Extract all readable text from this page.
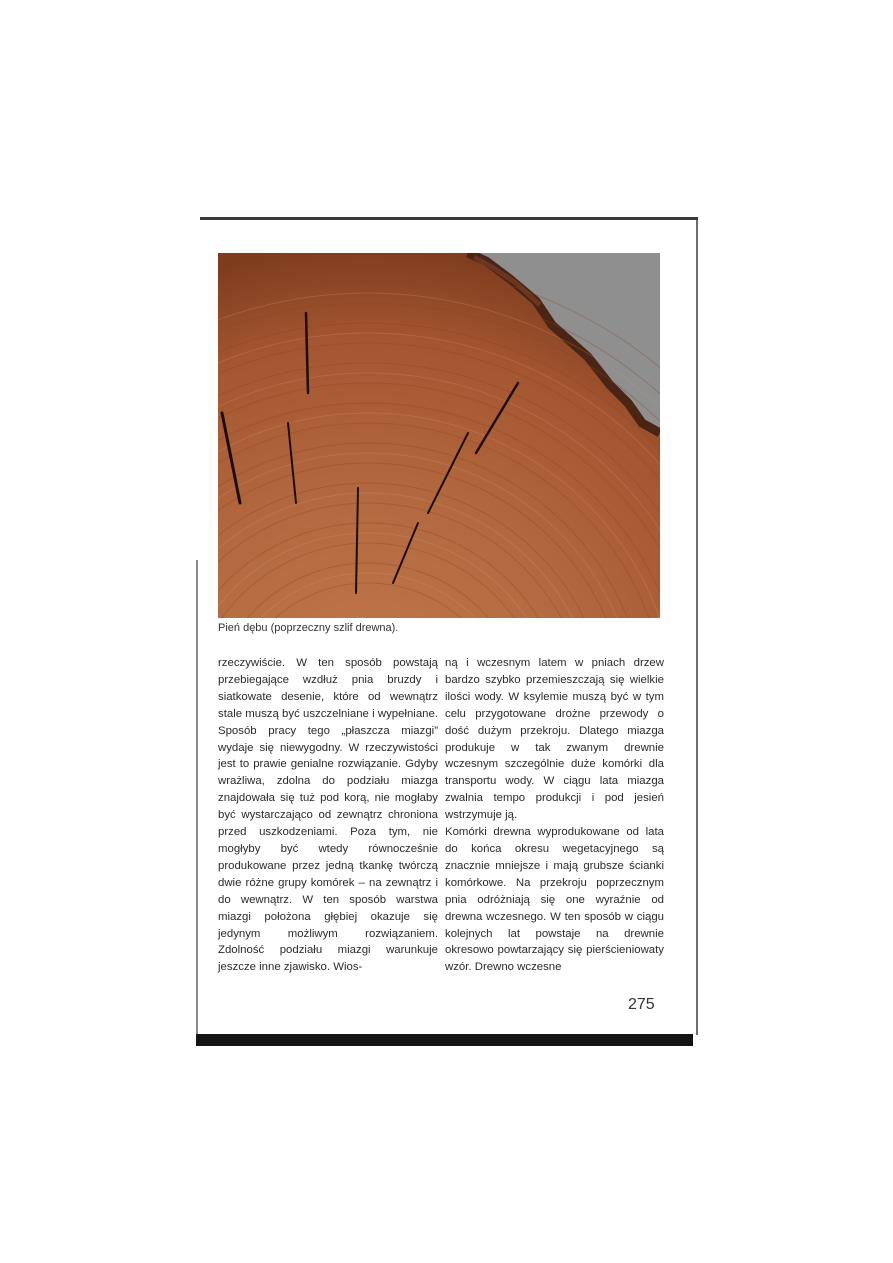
Pień dębu (poprzeczny szlif drewna).
rzeczywiście. W ten sposób powstają przebiegające wzdłuż pnia bruzdy i siatkowate desenie, które od wewnątrz stale muszą być uszczelniane i wypełniane. Sposób pracy tego „płaszcza miazgi” wydaje się niewygodny. W rzeczywistości jest to prawie genialne rozwiązanie. Gdyby wrażliwa, zdolna do podziału miazga znajdowała się tuż pod korą, nie mogłaby być wystarczająco od zewnątrz chroniona przed uszkodzeniami. Poza tym, nie mogłyby być wtedy równocześnie produkowane przez jedną tkankę twórczą dwie różne grupy komórek – na zewnątrz i do wewnątrz. W ten sposób warstwa miazgi położona głębiej okazuje się jedynym możliwym rozwiązaniem. Zdolność podziału miazgi warunkuje jeszcze inne zjawisko. Wios-
ną i wczesnym latem w pniach drzew bardzo szybko przemieszczają się wielkie ilości wody. W ksylemie muszą być w tym celu przygotowane drożne przewody o dość dużym przekroju. Dlatego miazga produkuje w tak zwanym drewnie wczesnym szczególnie duże komórki dla transportu wody. W ciągu lata miazga zwalnia tempo produkcji i pod jesień wstrzymuje ją.
Komórki drewna wyprodukowane od lata do końca okresu wegetacyjnego są znacznie mniejsze i mają grubsze ścianki komórkowe. Na przekroju poprzecznym pnia odróżniają się one wyraźnie od drewna wczesnego. W ten sposób w ciągu kolejnych lat powstaje na drewnie okresowo powtarzający się pierścieniowaty wzór. Drewno wczesne
275
